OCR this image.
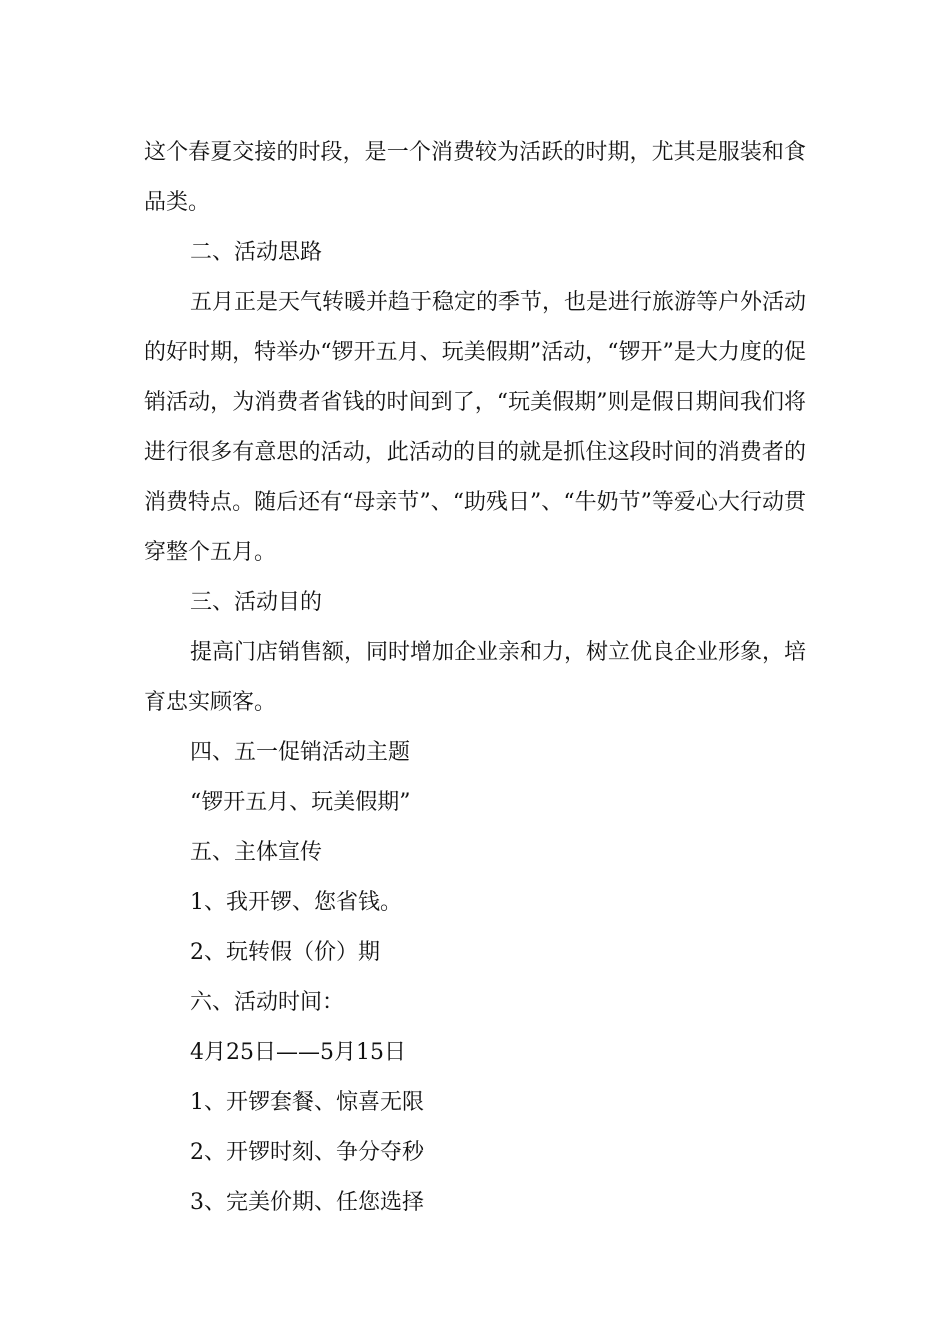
这个春夏交接的时段，是一个消费较为活跃的时期，尤其是服装和食品类。

二、活动思路

五月正是天气转暖并趋于稳定的季节，也是进行旅游等户外活动的好时期，特举办“锣开五月、玩美假期”活动，“锣开”是大力度的促销活动，为消费者省钱的时间到了，“玩美假期”则是假日期间我们将进行很多有意思的活动，此活动的目的就是抓住这段时间的消费者的消费特点。随后还有“母亲节”、“助残日”、“牛奶节”等爱心大行动贯穿整个五月。

三、活动目的

提高门店销售额，同时增加企业亲和力，树立优良企业形象，培育忠实顾客。

四、五一促销活动主题

“锣开五月、玩美假期”

五、主体宣传

1、我开锣、您省钱。

2、玩转假（价）期

六、活动时间：

4月25日——5月15日

1、开锣套餐、惊喜无限

2、开锣时刻、争分夺秒

3、完美价期、任您选择
